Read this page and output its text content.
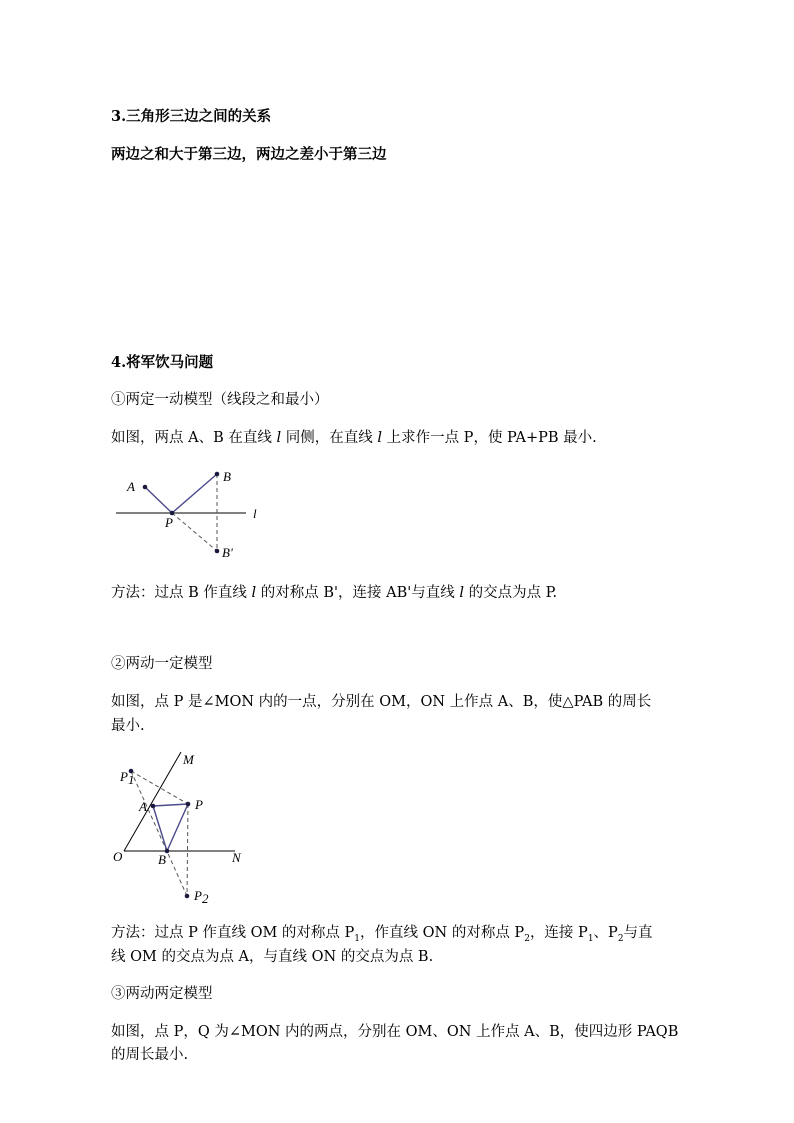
3.三角形三边之间的关系
两边之和大于第三边，两边之差小于第三边
4.将军饮马问题
①两定一动模型（线段之和最小）
如图，两点 A、B 在直线 l 同侧，在直线 l 上求作一点 P，使 PA+PB 最小.
A
B
P
B'
l
方法：过点 B 作直线 l 的对称点 B'，连接 AB'与直线 l 的交点为点 P.
②两动一定模型
如图，点 P 是∠MON 内的一点，分别在 OM，ON 上作点 A、B，使△PAB 的周长
最小.
M
O	N
A
B
P
P1
P2
方法：过点 P 作直线 OM 的对称点 $P_1$，作直线 ON 的对称点 $P_2$，连接 $P_1$、$P_2$与直
线 OM 的交点为点 A，与直线 ON 的交点为点 B.
③两动两定模型
如图，点 P，Q 为∠MON 内的两点，分别在 OM、ON 上作点 A、B，使四边形 PAQB
的周长最小.
